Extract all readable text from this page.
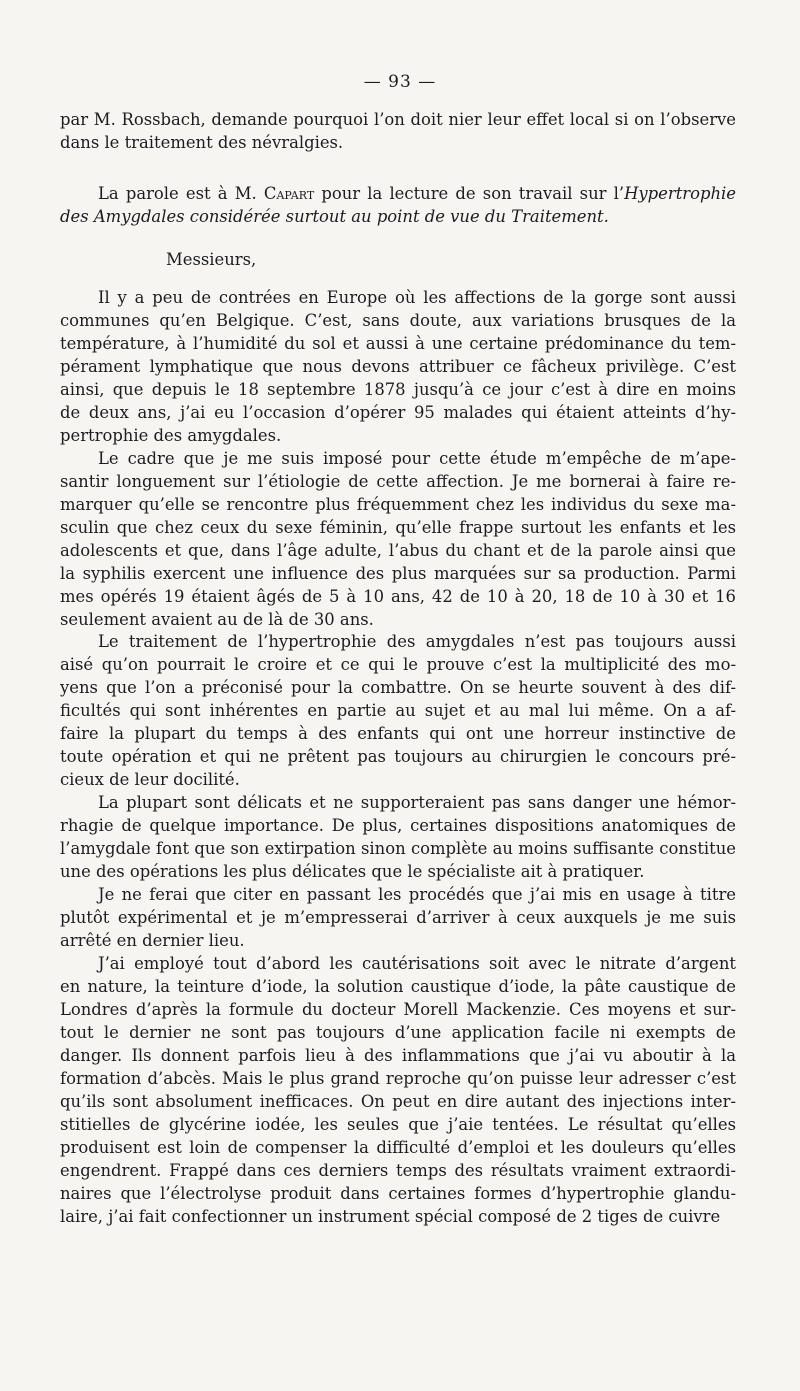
— 93 —
par M. Rossbach, demande pourquoi l’on doit nier leur effet local si on l’observe
dans le traitement des névralgies.
La parole est à M. Capart pour la lecture de son travail sur l’Hypertrophie
des Amygdales considérée surtout au point de vue du Traitement.
Messieurs,
Il y a peu de contrées en Europe où les affections de la gorge sont aussi
communes qu’en Belgique. C’est, sans doute, aux variations brusques de la
température, à l’humidité du sol et aussi à une certaine prédominance du tem-
pérament lymphatique que nous devons attribuer ce fâcheux privilège. C’est
ainsi, que depuis le 18 septembre 1878 jusqu’à ce jour c’est à dire en moins
de deux ans, j’ai eu l’occasion d’opérer 95 malades qui étaient atteints d’hy-
pertrophie des amygdales.
Le cadre que je me suis imposé pour cette étude m’empêche de m’ape-
santir longuement sur l’étiologie de cette affection. Je me bornerai à faire re-
marquer qu’elle se rencontre plus fréquemment chez les individus du sexe ma-
sculin que chez ceux du sexe féminin, qu’elle frappe surtout les enfants et les
adolescents et que, dans l’âge adulte, l’abus du chant et de la parole ainsi que
la syphilis exercent une influence des plus marquées sur sa production. Parmi
mes opérés 19 étaient âgés de 5 à 10 ans, 42 de 10 à 20, 18 de 10 à 30 et 16
seulement avaient au de là de 30 ans.
Le traitement de l’hypertrophie des amygdales n’est pas toujours aussi
aisé qu’on pourrait le croire et ce qui le prouve c’est la multiplicité des mo-
yens que l’on a préconisé pour la combattre. On se heurte souvent à des dif-
ficultés qui sont inhérentes en partie au sujet et au mal lui même. On a af-
faire la plupart du temps à des enfants qui ont une horreur instinctive de
toute opération et qui ne prêtent pas toujours au chirurgien le concours pré-
cieux de leur docilité.
La plupart sont délicats et ne supporteraient pas sans danger une hémor-
rhagie de quelque importance. De plus, certaines dispositions anatomiques de
l’amygdale font que son extirpation sinon complète au moins suffisante constitue
une des opérations les plus délicates que le spécialiste ait à pratiquer.
Je ne ferai que citer en passant les procédés que j’ai mis en usage à titre
plutôt expérimental et je m’empresserai d’arriver à ceux auxquels je me suis
arrêté en dernier lieu.
J’ai employé tout d’abord les cautérisations soit avec le nitrate d’argent
en nature, la teinture d’iode, la solution caustique d’iode, la pâte caustique de
Londres d’après la formule du docteur Morell Mackenzie. Ces moyens et sur-
tout le dernier ne sont pas toujours d’une application facile ni exempts de
danger. Ils donnent parfois lieu à des inflammations que j’ai vu aboutir à la
formation d’abcès. Mais le plus grand reproche qu’on puisse leur adresser c’est
qu’ils sont absolument inefficaces. On peut en dire autant des injections inter-
stitielles de glycérine iodée, les seules que j’aie tentées. Le résultat qu’elles
produisent est loin de compenser la difficulté d’emploi et les douleurs qu’elles
engendrent. Frappé dans ces derniers temps des résultats vraiment extraordi-
naires que l’électrolyse produit dans certaines formes d’hypertrophie glandu-
laire, j’ai fait confectionner un instrument spécial composé de 2 tiges de cuivre
